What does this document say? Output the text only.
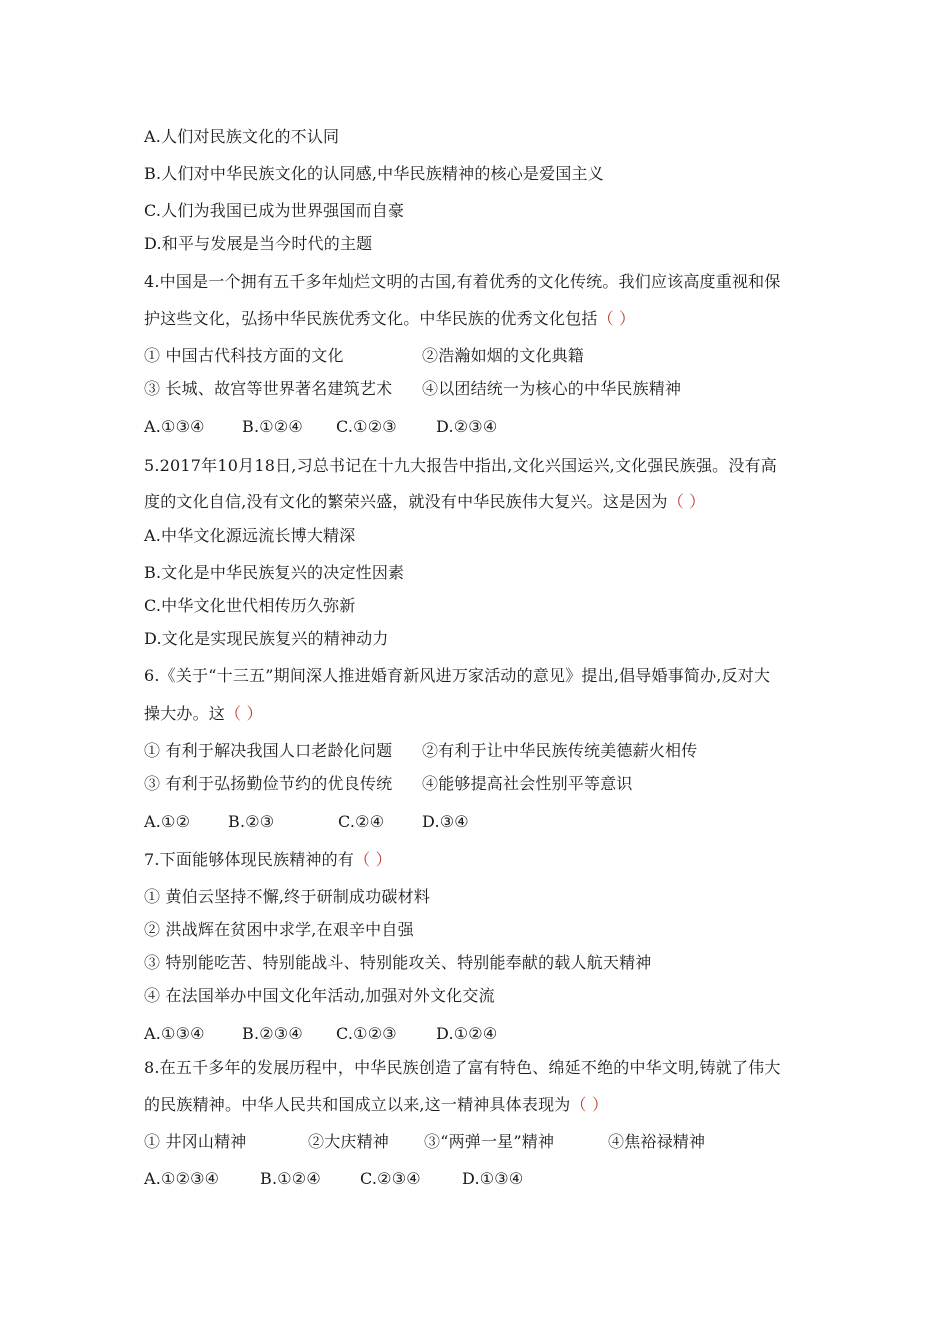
A.人们对民族文化的不认同
B.人们对中华民族文化的认同感,中华民族精神的核心是爱国主义
C.人们为我国已成为世界强国而自豪
D.和平与发展是当今时代的主题
4.中国是一个拥有五千多年灿烂文明的古国,有着优秀的文化传统。我们应该高度重视和保
护这些文化，弘扬中华民族优秀文化。中华民族的优秀文化包括（ ）
① 中国古代科技方面的文化	②浩瀚如烟的文化典籍
③ 长城、故宫等世界著名建筑艺术 ④以团结统一为核心的中华民族精神
A.①③④ B.①②④ C.①②③ D.②③④
5.2017年10月18日,习总书记在十九大报告中指出,文化兴国运兴,文化强民族强。没有高
度的文化自信,没有文化的繁荣兴盛，就没有中华民族伟大复兴。这是因为（ ）
A.中华文化源远流长博大精深
B.文化是中华民族复兴的决定性因素
C.中华文化世代相传历久弥新
D.文化是实现民族复兴的精神动力
6.《关于“十三五”期间深人推进婚育新风进万家活动的意见》提出,倡导婚事简办,反对大
操大办。这（ ）
① 有利于解决我国人口老龄化问题 ②有利于让中华民族传统美德薪火相传
③ 有利于弘扬勤俭节约的优良传统 ④能够提高社会性别平等意识
A.①② B.②③	C.②④ D.③④
7.下面能够体现民族精神的有（ ）
① 黄伯云坚持不懈,终于研制成功碳材料
② 洪战辉在贫困中求学,在艰辛中自强
③ 特别能吃苦、特别能战斗、特别能攻关、特别能奉献的载人航天精神
④ 在法国举办中国文化年活动,加强对外文化交流
A.①③④ B.②③④ C.①②③ D.①②④
8.在五千多年的发展历程中，中华民族创造了富有特色、绵延不绝的中华文明,铸就了伟大
的民族精神。中华人民共和国成立以来,这一精神具体表现为（ ）
① 井冈山精神	②大庆精神 ③“两弹一星”精神	④焦裕禄精神
A.①②③④	B.①②④ C.②③④	D.①③④
